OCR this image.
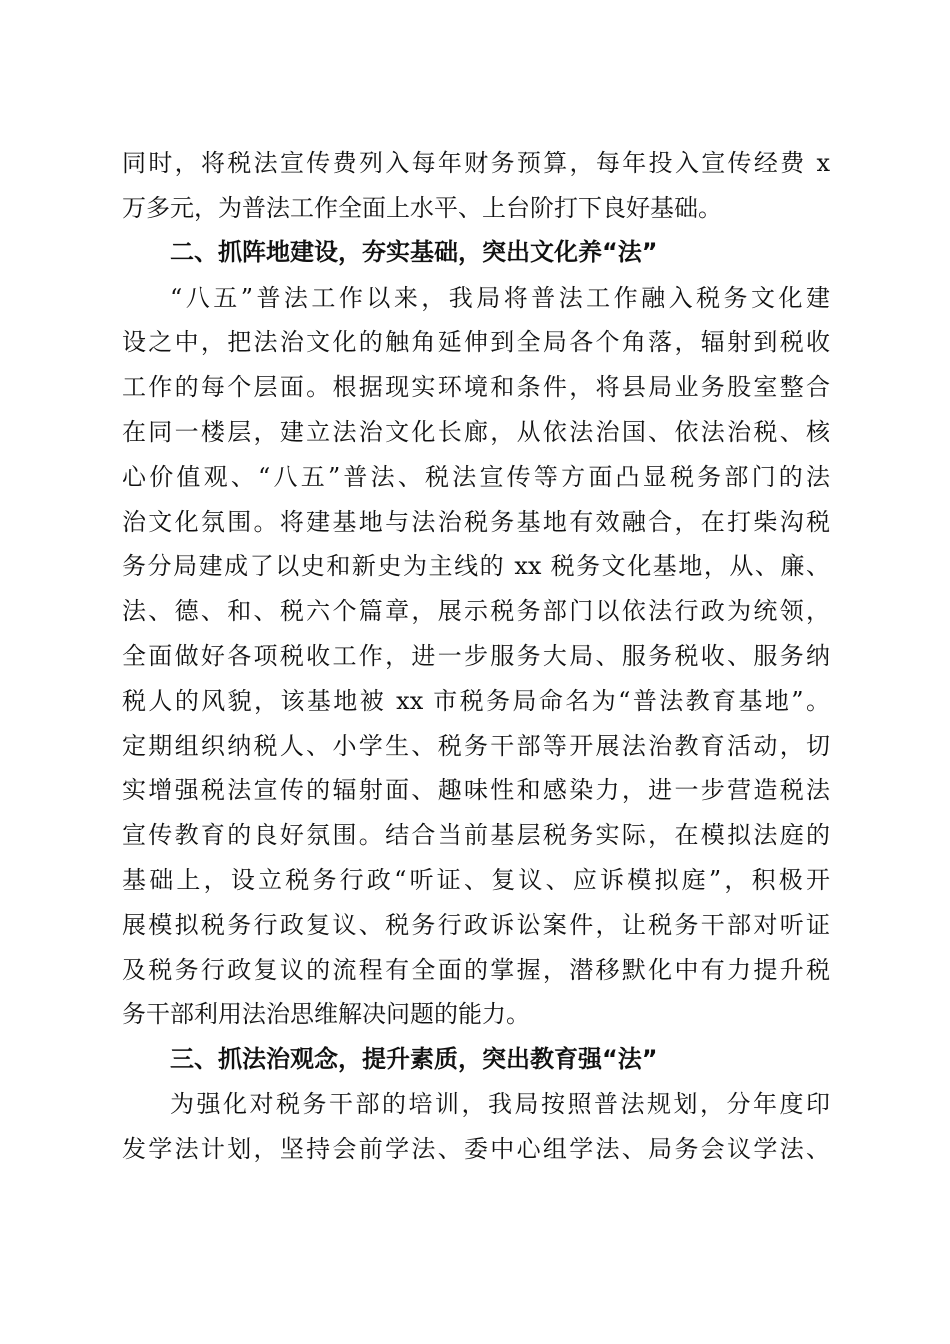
同时，将税法宣传费列入每年财务预算，每年投入宣传经费 x
万多元，为普法工作全面上水平、上台阶打下良好基础。
二、抓阵地建设，夯实基础，突出文化养“法”
“八五”普法工作以来，我局将普法工作融入税务文化建
设之中，把法治文化的触角延伸到全局各个角落，辐射到税收
工作的每个层面。根据现实环境和条件，将县局业务股室整合
在同一楼层，建立法治文化长廊，从依法治国、依法治税、核
心价值观、“八五”普法、税法宣传等方面凸显税务部门的法
治文化氛围。将建基地与法治税务基地有效融合，在打柴沟税
务分局建成了以史和新史为主线的 xx 税务文化基地，从、廉、
法、德、和、税六个篇章，展示税务部门以依法行政为统领，
全面做好各项税收工作，进一步服务大局、服务税收、服务纳
税人的风貌，该基地被 xx 市税务局命名为“普法教育基地”。
定期组织纳税人、小学生、税务干部等开展法治教育活动，切
实增强税法宣传的辐射面、趣味性和感染力，进一步营造税法
宣传教育的良好氛围。结合当前基层税务实际，在模拟法庭的
基础上，设立税务行政“听证、复议、应诉模拟庭”，积极开
展模拟税务行政复议、税务行政诉讼案件，让税务干部对听证
及税务行政复议的流程有全面的掌握，潜移默化中有力提升税
务干部利用法治思维解决问题的能力。
三、抓法治观念，提升素质，突出教育强“法”
为强化对税务干部的培训，我局按照普法规划，分年度印
发学法计划，坚持会前学法、委中心组学法、局务会议学法、
